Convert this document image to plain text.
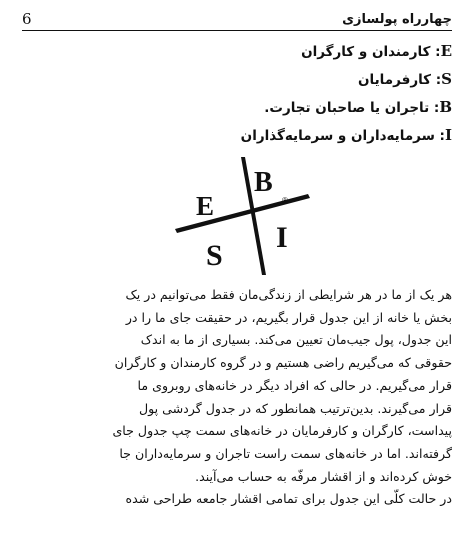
6	چهارراه پولسازی
E: کارمندان و کارگران
S: کارفرمایان
B: تاجران یا صاحبان تجارت.
I: سرمایه‌داران و سرمایه‌گذاران
E
B
S
I
®
هر یک از ما در هر شرایطی از زندگی‌مان فقط می‌توانیم در یک
بخش یا خانه از این جدول قرار بگیریم، در حقیقت جای ما را در
این جدول، پول جیب‌مان تعیین می‌کند. بسیاری از ما به اندک
حقوقی که می‌گیریم راضی هستیم و در گروه کارمندان و کارگران
قرار می‌گیریم. در حالی که افراد دیگر در خانه‌های روبروی ما
قرار می‌گیرند. بدین‌ترتیب همانطور که در جدول گردشی پول
پیداست، کارگران و کارفرمایان در خانه‌های سمت چپ جدول جای
گرفته‌اند. اما در خانه‌های سمت راست تاجران و سرمایه‌داران جا
خوش کرده‌اند و از اقشار مرفّه به حساب می‌آیند.
در حالت کلّی این جدول برای تمامی اقشار جامعه طراحی شده
